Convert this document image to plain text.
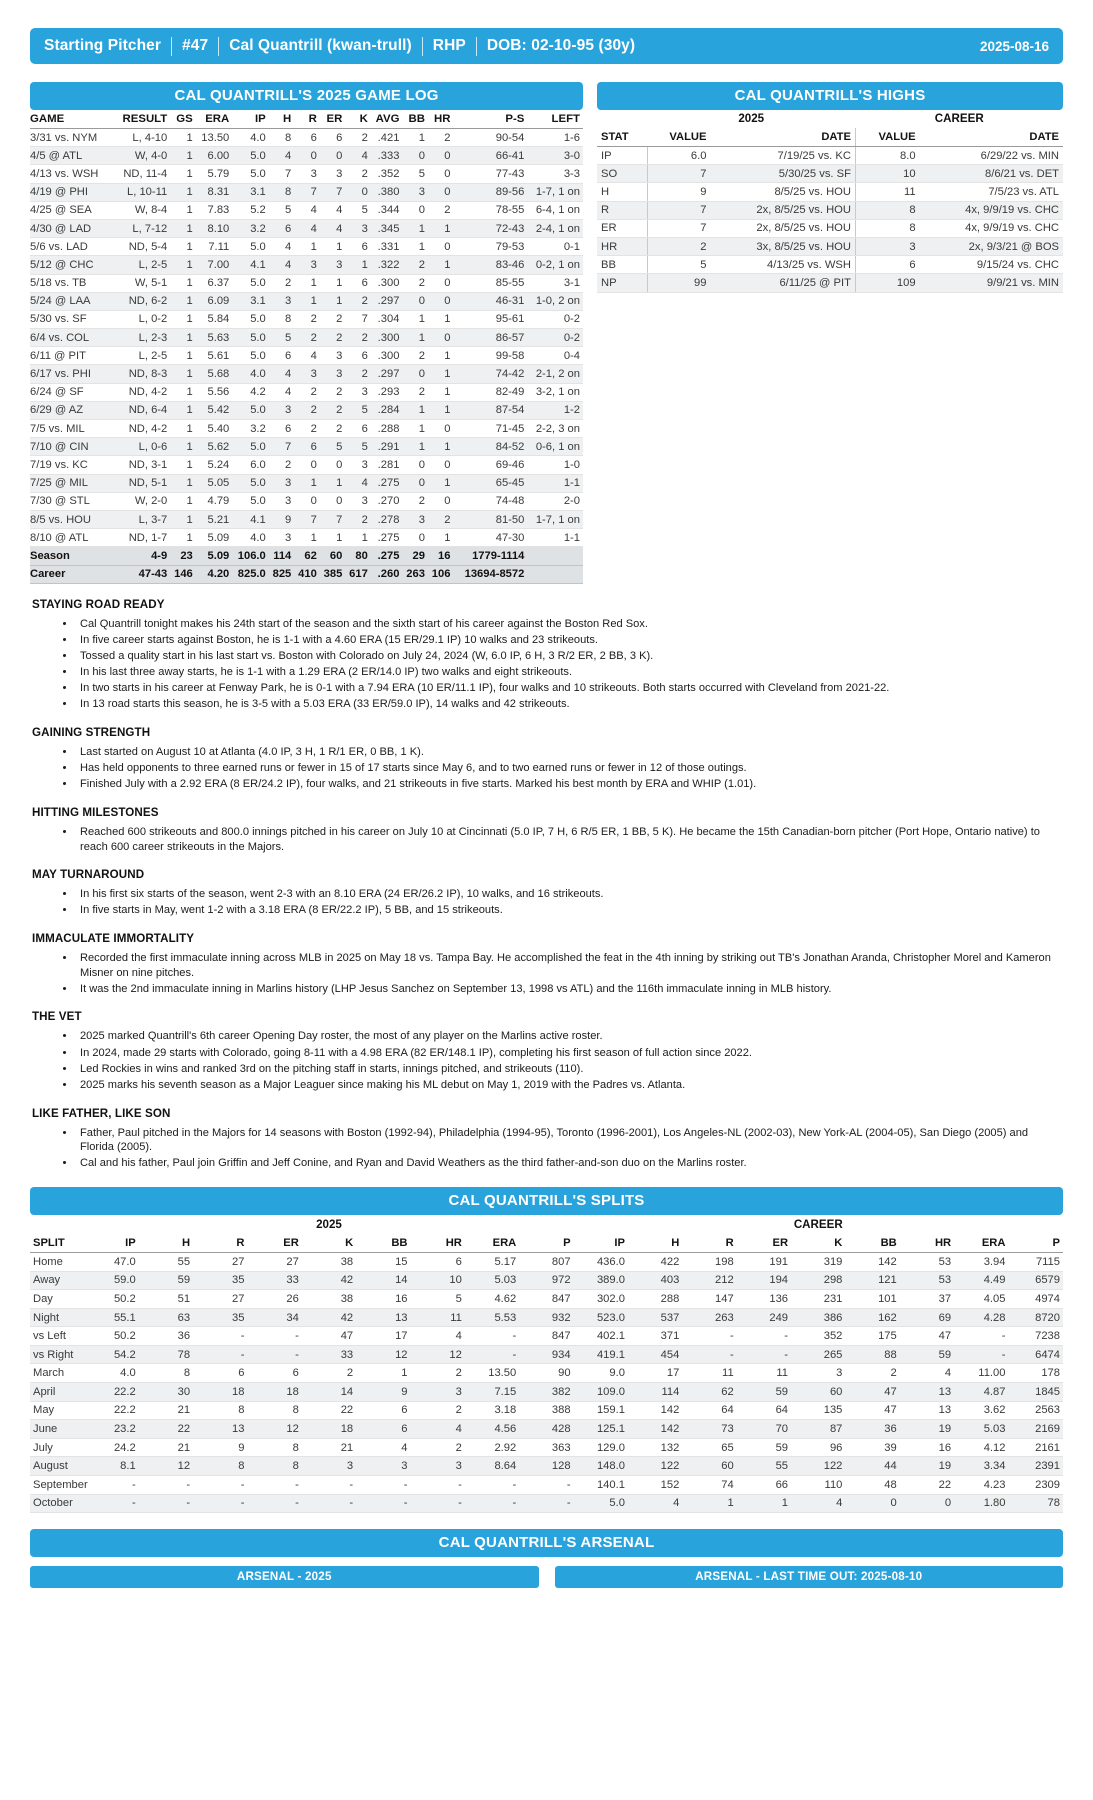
Starting Pitcher #47 Cal Quantrill (kwan-trull) RHP DOB: 02-10-95 (30y)	2025-08-16
CAL QUANTRILL'S 2025 GAME LOG
GAME	RESULT	GS	ERA	IP	H	R	ER	K	AVG	BB	HR	P-S	LEFT
3/31 vs. NYM	L, 4-10	1	13.50	4.0	8	6	6	2	.421	1	2	90-54	1-6
4/5 @ ATL	W, 4-0	1	6.00	5.0	4	0	0	4	.333	0	0	66-41	3-0
4/13 vs. WSH	ND, 11-4	1	5.79	5.0	7	3	3	2	.352	5	0	77-43	3-3
4/19 @ PHI	L, 10-11	1	8.31	3.1	8	7	7	0	.380	3	0	89-56	1-7, 1 on
4/25 @ SEA	W, 8-4	1	7.83	5.2	5	4	4	5	.344	0	2	78-55	6-4, 1 on
4/30 @ LAD	L, 7-12	1	8.10	3.2	6	4	4	3	.345	1	1	72-43	2-4, 1 on
5/6 vs. LAD	ND, 5-4	1	7.11	5.0	4	1	1	6	.331	1	0	79-53	0-1
5/12 @ CHC	L, 2-5	1	7.00	4.1	4	3	3	1	.322	2	1	83-46	0-2, 1 on
5/18 vs. TB	W, 5-1	1	6.37	5.0	2	1	1	6	.300	2	0	85-55	3-1
5/24 @ LAA	ND, 6-2	1	6.09	3.1	3	1	1	2	.297	0	0	46-31	1-0, 2 on
5/30 vs. SF	L, 0-2	1	5.84	5.0	8	2	2	7	.304	1	1	95-61	0-2
6/4 vs. COL	L, 2-3	1	5.63	5.0	5	2	2	2	.300	1	0	86-57	0-2
6/11 @ PIT	L, 2-5	1	5.61	5.0	6	4	3	6	.300	2	1	99-58	0-4
6/17 vs. PHI	ND, 8-3	1	5.68	4.0	4	3	3	2	.297	0	1	74-42	2-1, 2 on
6/24 @ SF	ND, 4-2	1	5.56	4.2	4	2	2	3	.293	2	1	82-49	3-2, 1 on
6/29 @ AZ	ND, 6-4	1	5.42	5.0	3	2	2	5	.284	1	1	87-54	1-2
7/5 vs. MIL	ND, 4-2	1	5.40	3.2	6	2	2	6	.288	1	0	71-45	2-2, 3 on
7/10 @ CIN	L, 0-6	1	5.62	5.0	7	6	5	5	.291	1	1	84-52	0-6, 1 on
7/19 vs. KC	ND, 3-1	1	5.24	6.0	2	0	0	3	.281	0	0	69-46	1-0
7/25 @ MIL	ND, 5-1	1	5.05	5.0	3	1	1	4	.275	0	1	65-45	1-1
7/30 @ STL	W, 2-0	1	4.79	5.0	3	0	0	3	.270	2	0	74-48	2-0
8/5 vs. HOU	L, 3-7	1	5.21	4.1	9	7	7	2	.278	3	2	81-50	1-7, 1 on
8/10 @ ATL	ND, 1-7	1	5.09	4.0	3	1	1	1	.275	0	1	47-30	1-1
Season	4-9	23	5.09	106.0	114	62	60	80	.275	29	16	1779-1114	
Career	47-43	146	4.20	825.0	825	410	385	617	.260	263	106	13694-8572	
CAL QUANTRILL'S HIGHS
	2025		CAREER	
STAT	VALUE	DATE	VALUE	DATE
IP	6.0	7/19/25 vs. KC	8.0	6/29/22 vs. MIN
SO	7	5/30/25 vs. SF	10	8/6/21 vs. DET
H	9	8/5/25 vs. HOU	11	7/5/23 vs. ATL
R	7	2x, 8/5/25 vs. HOU	8	4x, 9/9/19 vs. CHC
ER	7	2x, 8/5/25 vs. HOU	8	4x, 9/9/19 vs. CHC
HR	2	3x, 8/5/25 vs. HOU	3	2x, 9/3/21 @ BOS
BB	5	4/13/25 vs. WSH	6	9/15/24 vs. CHC
NP	99	6/11/25 @ PIT	109	9/9/21 vs. MIN
STAYING ROAD READY
• Cal Quantrill tonight makes his 24th start of the season and the sixth start of his career against the Boston Red Sox.
• In five career starts against Boston, he is 1-1 with a 4.60 ERA (15 ER/29.1 IP) 10 walks and 23 strikeouts.
• Tossed a quality start in his last start vs. Boston with Colorado on July 24, 2024 (W, 6.0 IP, 6 H, 3 R/2 ER, 2 BB, 3 K).
• In his last three away starts, he is 1-1 with a 1.29 ERA (2 ER/14.0 IP) two walks and eight strikeouts.
• In two starts in his career at Fenway Park, he is 0-1 with a 7.94 ERA (10 ER/11.1 IP), four walks and 10 strikeouts. Both starts occurred with Cleveland from 2021-22.
• In 13 road starts this season, he is 3-5 with a 5.03 ERA (33 ER/59.0 IP), 14 walks and 42 strikeouts.
GAINING STRENGTH
• Last started on August 10 at Atlanta (4.0 IP, 3 H, 1 R/1 ER, 0 BB, 1 K).
• Has held opponents to three earned runs or fewer in 15 of 17 starts since May 6, and to two earned runs or fewer in 12 of those outings.
• Finished July with a 2.92 ERA (8 ER/24.2 IP), four walks, and 21 strikeouts in five starts. Marked his best month by ERA and WHIP (1.01).
HITTING MILESTONES
• Reached 600 strikeouts and 800.0 innings pitched in his career on July 10 at Cincinnati (5.0 IP, 7 H, 6 R/5 ER, 1 BB, 5 K). He became the 15th Canadian-born pitcher (Port Hope, Ontario native) to reach 600 career strikeouts in the Majors.
MAY TURNAROUND
• In his first six starts of the season, went 2-3 with an 8.10 ERA (24 ER/26.2 IP), 10 walks, and 16 strikeouts.
• In five starts in May, went 1-2 with a 3.18 ERA (8 ER/22.2 IP), 5 BB, and 15 strikeouts.
IMMACULATE IMMORTALITY
• Recorded the first immaculate inning across MLB in 2025 on May 18 vs. Tampa Bay. He accomplished the feat in the 4th inning by striking out TB's Jonathan Aranda, Christopher Morel and Kameron Misner on nine pitches.
• It was the 2nd immaculate inning in Marlins history (LHP Jesus Sanchez on September 13, 1998 vs ATL) and the 116th immaculate inning in MLB history.
THE VET
• 2025 marked Quantrill's 6th career Opening Day roster, the most of any player on the Marlins active roster.
• In 2024, made 29 starts with Colorado, going 8-11 with a 4.98 ERA (82 ER/148.1 IP), completing his first season of full action since 2022.
• Led Rockies in wins and ranked 3rd on the pitching staff in starts, innings pitched, and strikeouts (110).
• 2025 marks his seventh season as a Major Leaguer since making his ML debut on May 1, 2019 with the Padres vs. Atlanta.
LIKE FATHER, LIKE SON
• Father, Paul pitched in the Majors for 14 seasons with Boston (1992-94), Philadelphia (1994-95), Toronto (1996-2001), Los Angeles-NL (2002-03), New York-AL (2004-05), San Diego (2005) and Florida (2005).
• Cal and his father, Paul join Griffin and Jeff Conine, and Ryan and David Weathers as the third father-and-son duo on the Marlins roster.
CAL QUANTRILL'S SPLITS
	2025									CAREER								
SPLIT	IP	H	R	ER	K	BB	HR	ERA	P	IP	H	R	ER	K	BB	HR	ERA	P
Home	47.0	55	27	27	38	15	6	5.17	807	436.0	422	198	191	319	142	53	3.94	7115
Away	59.0	59	35	33	42	14	10	5.03	972	389.0	403	212	194	298	121	53	4.49	6579
Day	50.2	51	27	26	38	16	5	4.62	847	302.0	288	147	136	231	101	37	4.05	4974
Night	55.1	63	35	34	42	13	11	5.53	932	523.0	537	263	249	386	162	69	4.28	8720
vs Left	50.2	36	-	-	47	17	4	-	847	402.1	371	-	-	352	175	47	-	7238
vs Right	54.2	78	-	-	33	12	12	-	934	419.1	454	-	-	265	88	59	-	6474
March	4.0	8	6	6	2	1	2	13.50	90	9.0	17	11	11	3	2	4	11.00	178
April	22.2	30	18	18	14	9	3	7.15	382	109.0	114	62	59	60	47	13	4.87	1845
May	22.2	21	8	8	22	6	2	3.18	388	159.1	142	64	64	135	47	13	3.62	2563
June	23.2	22	13	12	18	6	4	4.56	428	125.1	142	73	70	87	36	19	5.03	2169
July	24.2	21	9	8	21	4	2	2.92	363	129.0	132	65	59	96	39	16	4.12	2161
August	8.1	12	8	8	3	3	3	8.64	128	148.0	122	60	55	122	44	19	3.34	2391
September	-	-	-	-	-	-	-	-	-	140.1	152	74	66	110	48	22	4.23	2309
October	-	-	-	-	-	-	-	-	-	5.0	4	1	1	4	0	0	1.80	78
CAL QUANTRILL'S ARSENAL
ARSENAL - 2025	ARSENAL - LAST TIME OUT: 2025-08-10
